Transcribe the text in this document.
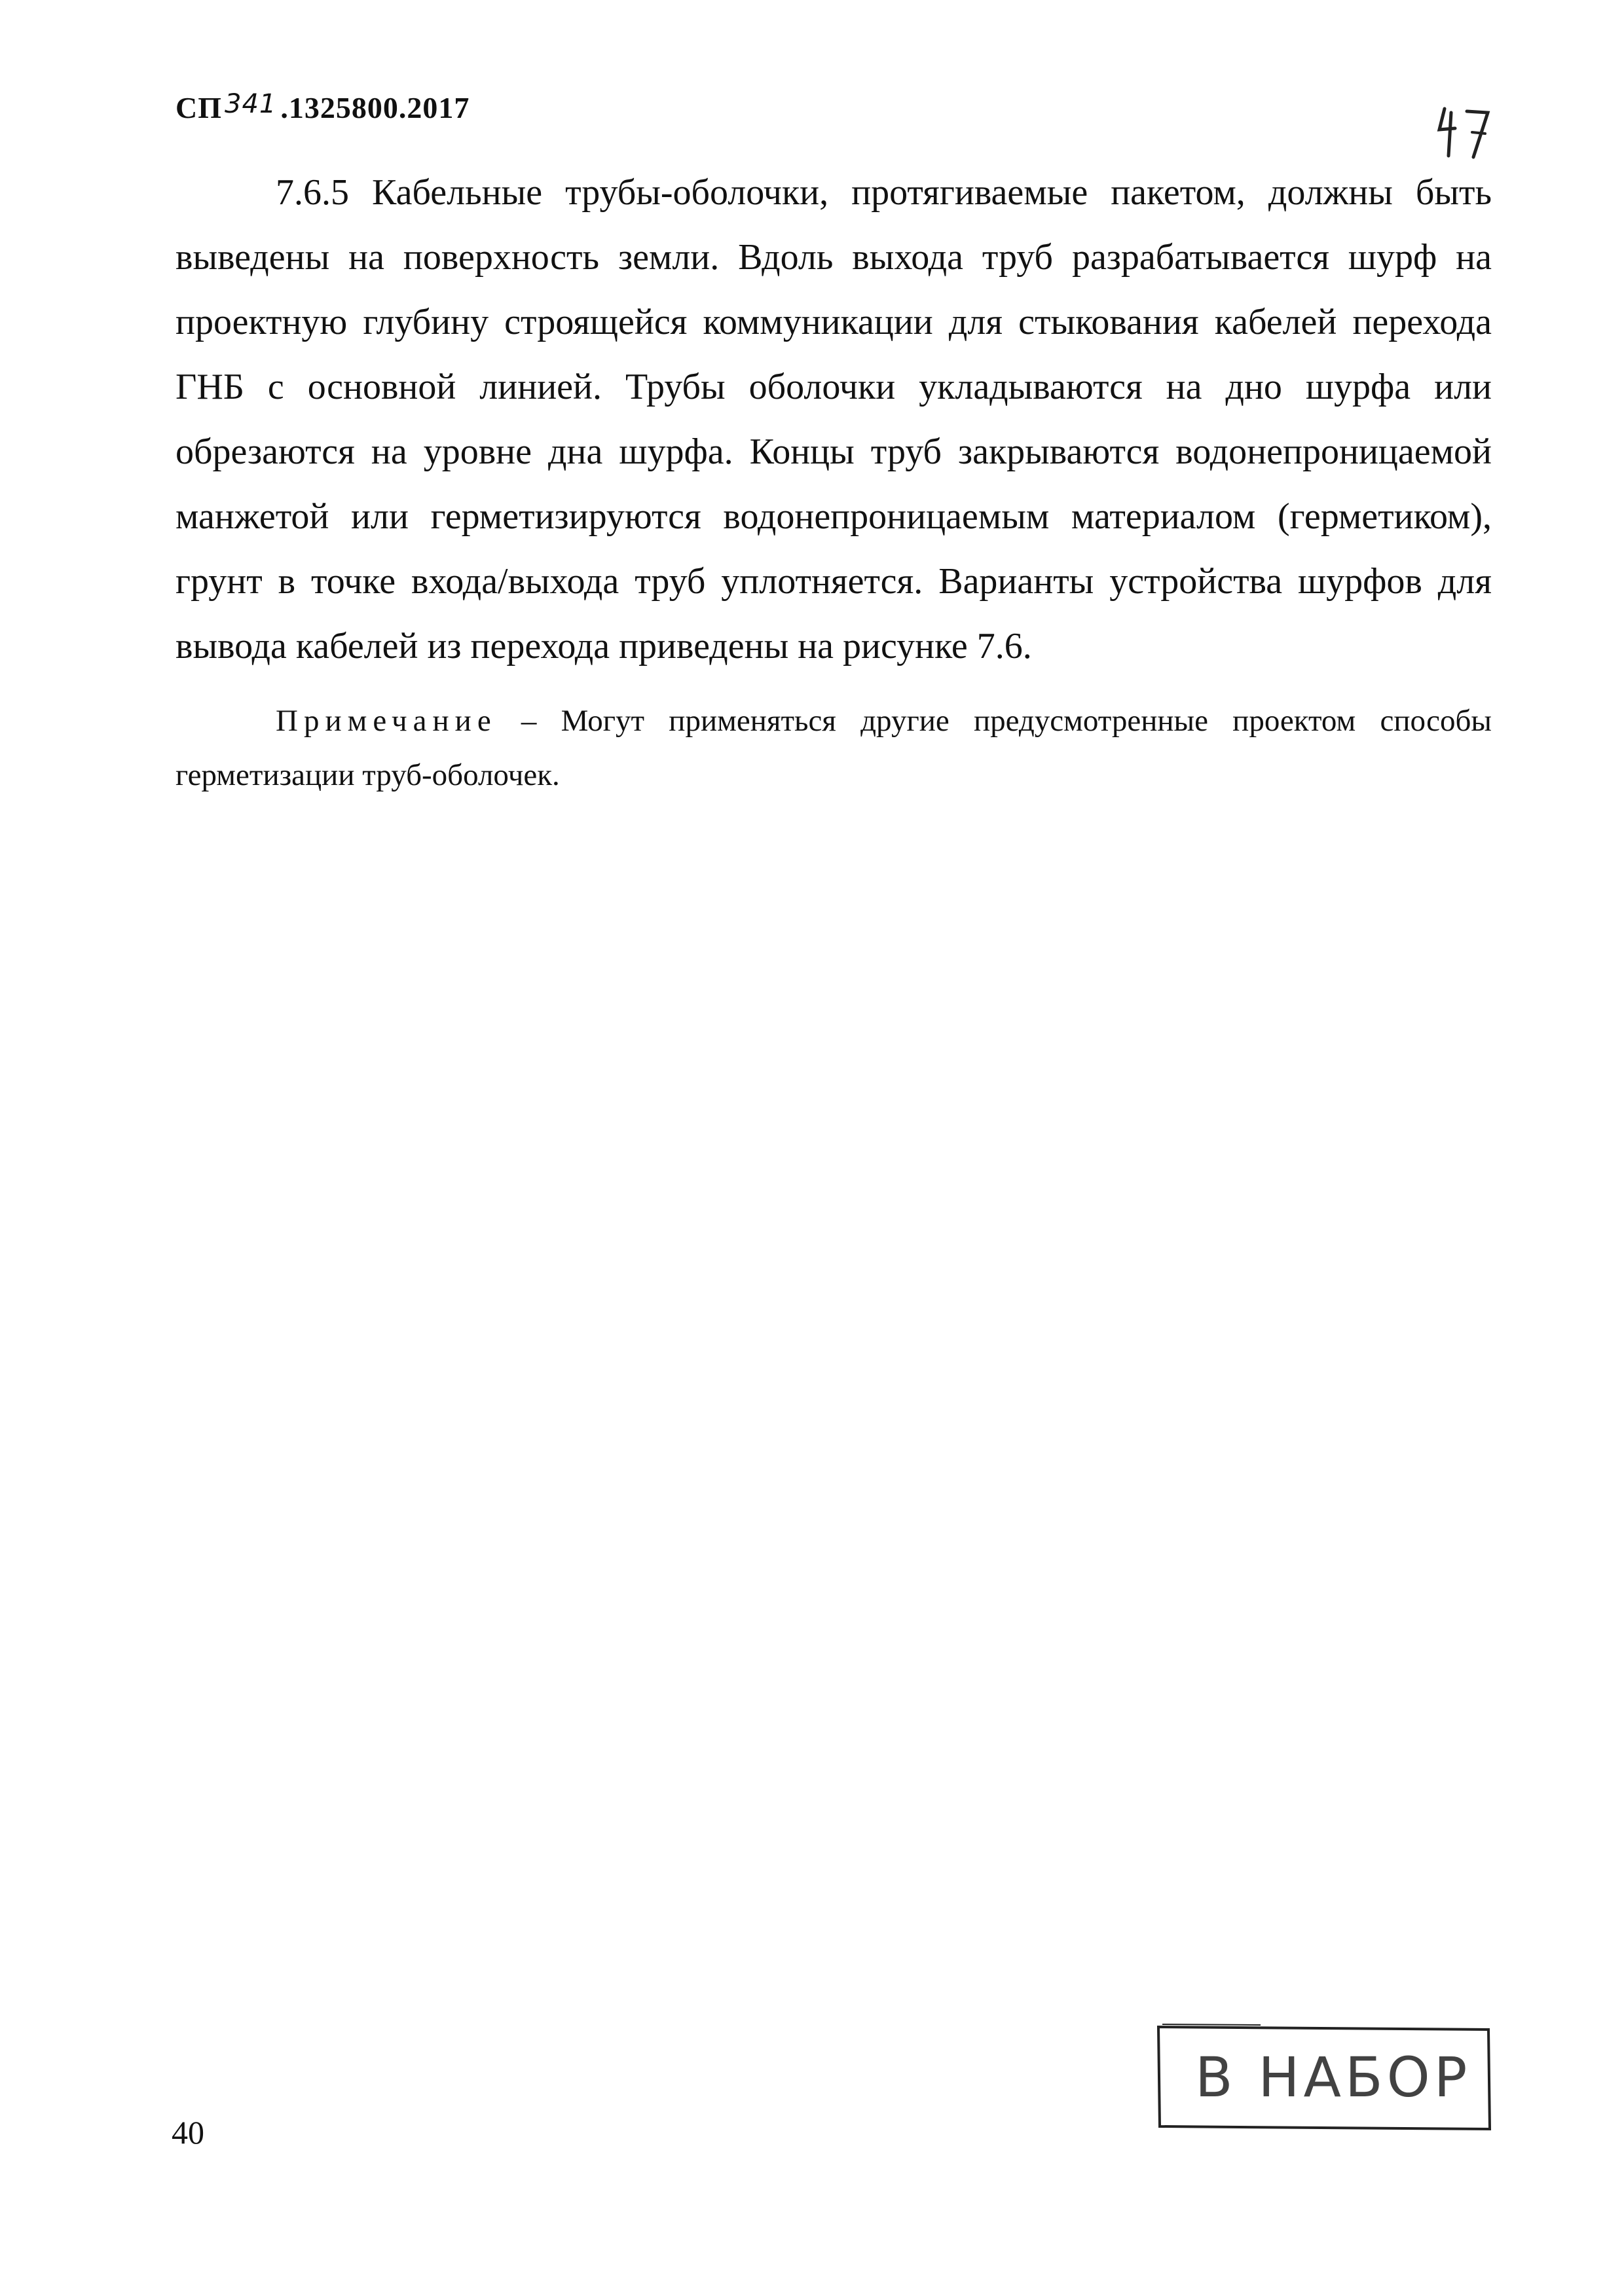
СП 341 .1325800.2017

7.6.5 Кабельные трубы-оболочки, протягиваемые пакетом, должны быть выведены на поверхность земли. Вдоль выхода труб разрабатывается шурф на проектную глубину строящейся коммуникации для стыкования кабелей перехода ГНБ с основной линией. Трубы оболочки укладываются на дно шурфа или обрезаются на уровне дна шурфа. Концы труб закрываются водонепроницаемой манжетой или герметизируются водонепроницаемым материалом (герметиком), грунт в точке входа/выхода труб уплотняется. Варианты устройства шурфов для вывода кабелей из перехода приведены на рисунке 7.6.

Примечание – Могут применяться другие предусмотренные проектом способы герметизации труб-оболочек.

В НАБОР
40
